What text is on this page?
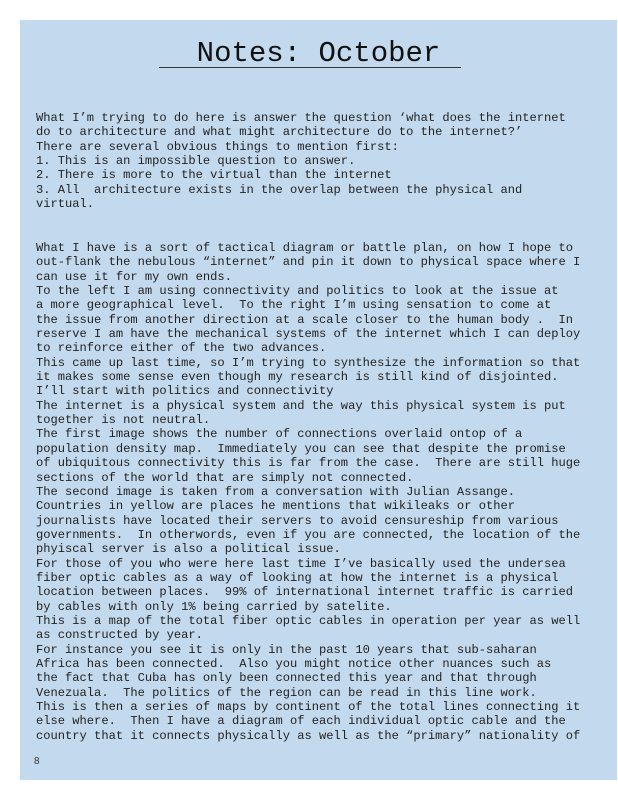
Notes: October
What I’m trying to do here is answer the question ‘what does the internet
do to architecture and what might architecture do to the internet?’
There are several obvious things to mention first:
1. This is an impossible question to answer.
2. There is more to the virtual than the internet
3. All  architecture exists in the overlap between the physical and
virtual.
What I have is a sort of tactical diagram or battle plan, on how I hope to
out-flank the nebulous “internet” and pin it down to physical space where I
can use it for my own ends.
To the left I am using connectivity and politics to look at the issue at
a more geographical level.  To the right I’m using sensation to come at
the issue from another direction at a scale closer to the human body .  In
reserve I am have the mechanical systems of the internet which I can deploy
to reinforce either of the two advances.
This came up last time, so I’m trying to synthesize the information so that
it makes some sense even though my research is still kind of disjointed.
I’ll start with politics and connectivity
The internet is a physical system and the way this physical system is put
together is not neutral.
The first image shows the number of connections overlaid ontop of a
population density map.  Immediately you can see that despite the promise
of ubiquitous connectivity this is far from the case.  There are still huge
sections of the world that are simply not connected.
The second image is taken from a conversation with Julian Assange.
Countries in yellow are places he mentions that wikileaks or other
journalists have located their servers to avoid censureship from various
governments.  In otherwords, even if you are connected, the location of the
phyiscal server is also a political issue.
For those of you who were here last time I’ve basically used the undersea
fiber optic cables as a way of looking at how the internet is a physical
location between places.  99% of international internet traffic is carried
by cables with only 1% being carried by satelite.
This is a map of the total fiber optic cables in operation per year as well
as constructed by year.
For instance you see it is only in the past 10 years that sub-saharan
Africa has been connected.  Also you might notice other nuances such as
the fact that Cuba has only been connected this year and that through
Venezuala.  The politics of the region can be read in this line work.
This is then a series of maps by continent of the total lines connecting it
else where.  Then I have a diagram of each individual optic cable and the
country that it connects physically as well as the “primary” nationality of
8
